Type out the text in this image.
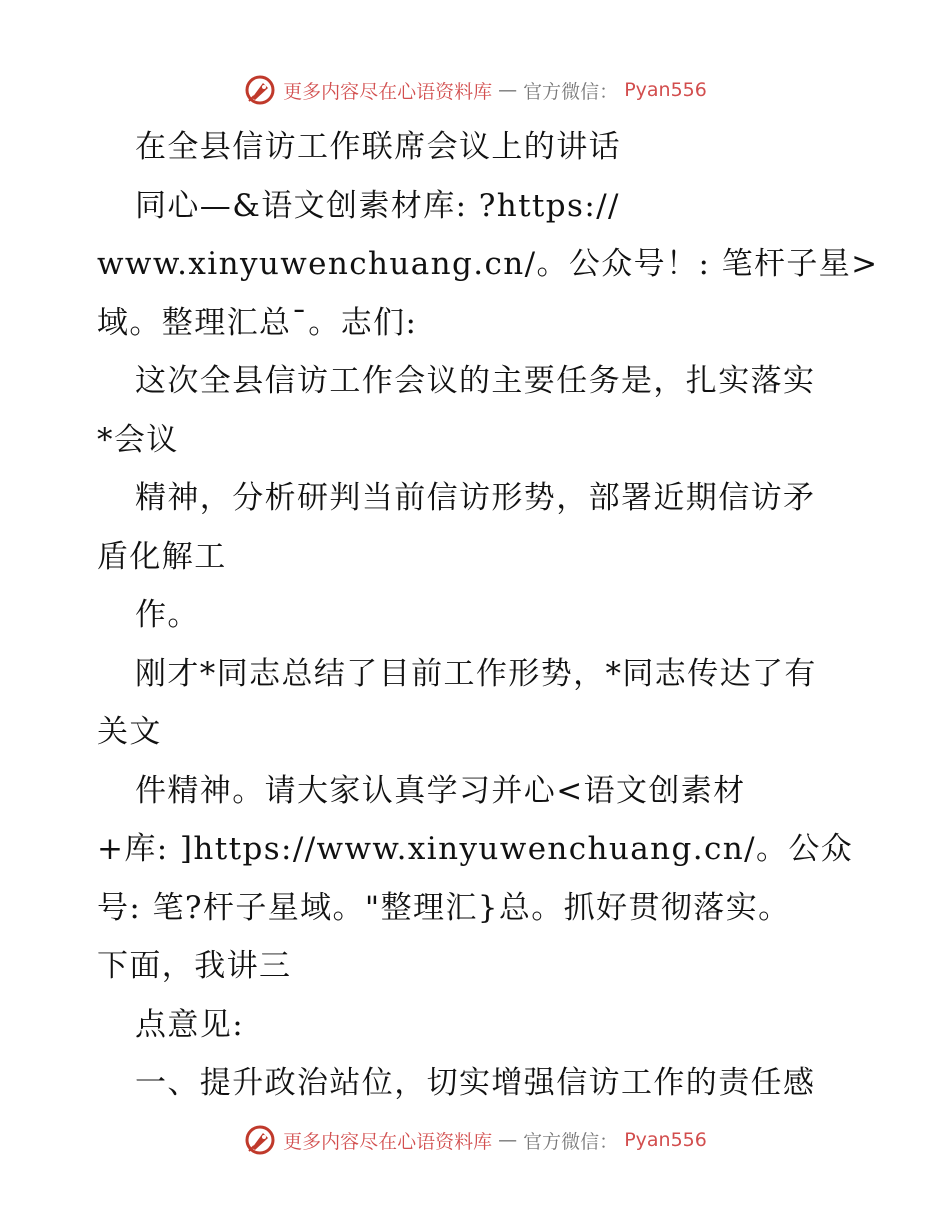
更多内容尽在心语资料库 — 官方微信： Pyan556
在全县信访工作联席会议上的讲话
同心—&语文创素材库: ?https://
www.xinyuwenchuang.cn/。公众号！: 笔杆子星>
域。整理汇总¯。志们:
这次全县信访工作会议的主要任务是，扎实落实
*会议
精神，分析研判当前信访形势，部署近期信访矛
盾化解工
作。
刚才*同志总结了目前工作形势，*同志传达了有
关文
件精神。请大家认真学习并心<语文创素材
+库: ]https://www.xinyuwenchuang.cn/。公众
号: 笔?杆子星域。"整理汇}总。抓好贯彻落实。
下面，我讲三
点意见:
一、提升政治站位，切实增强信访工作的责任感
更多内容尽在心语资料库 — 官方微信： Pyan556
